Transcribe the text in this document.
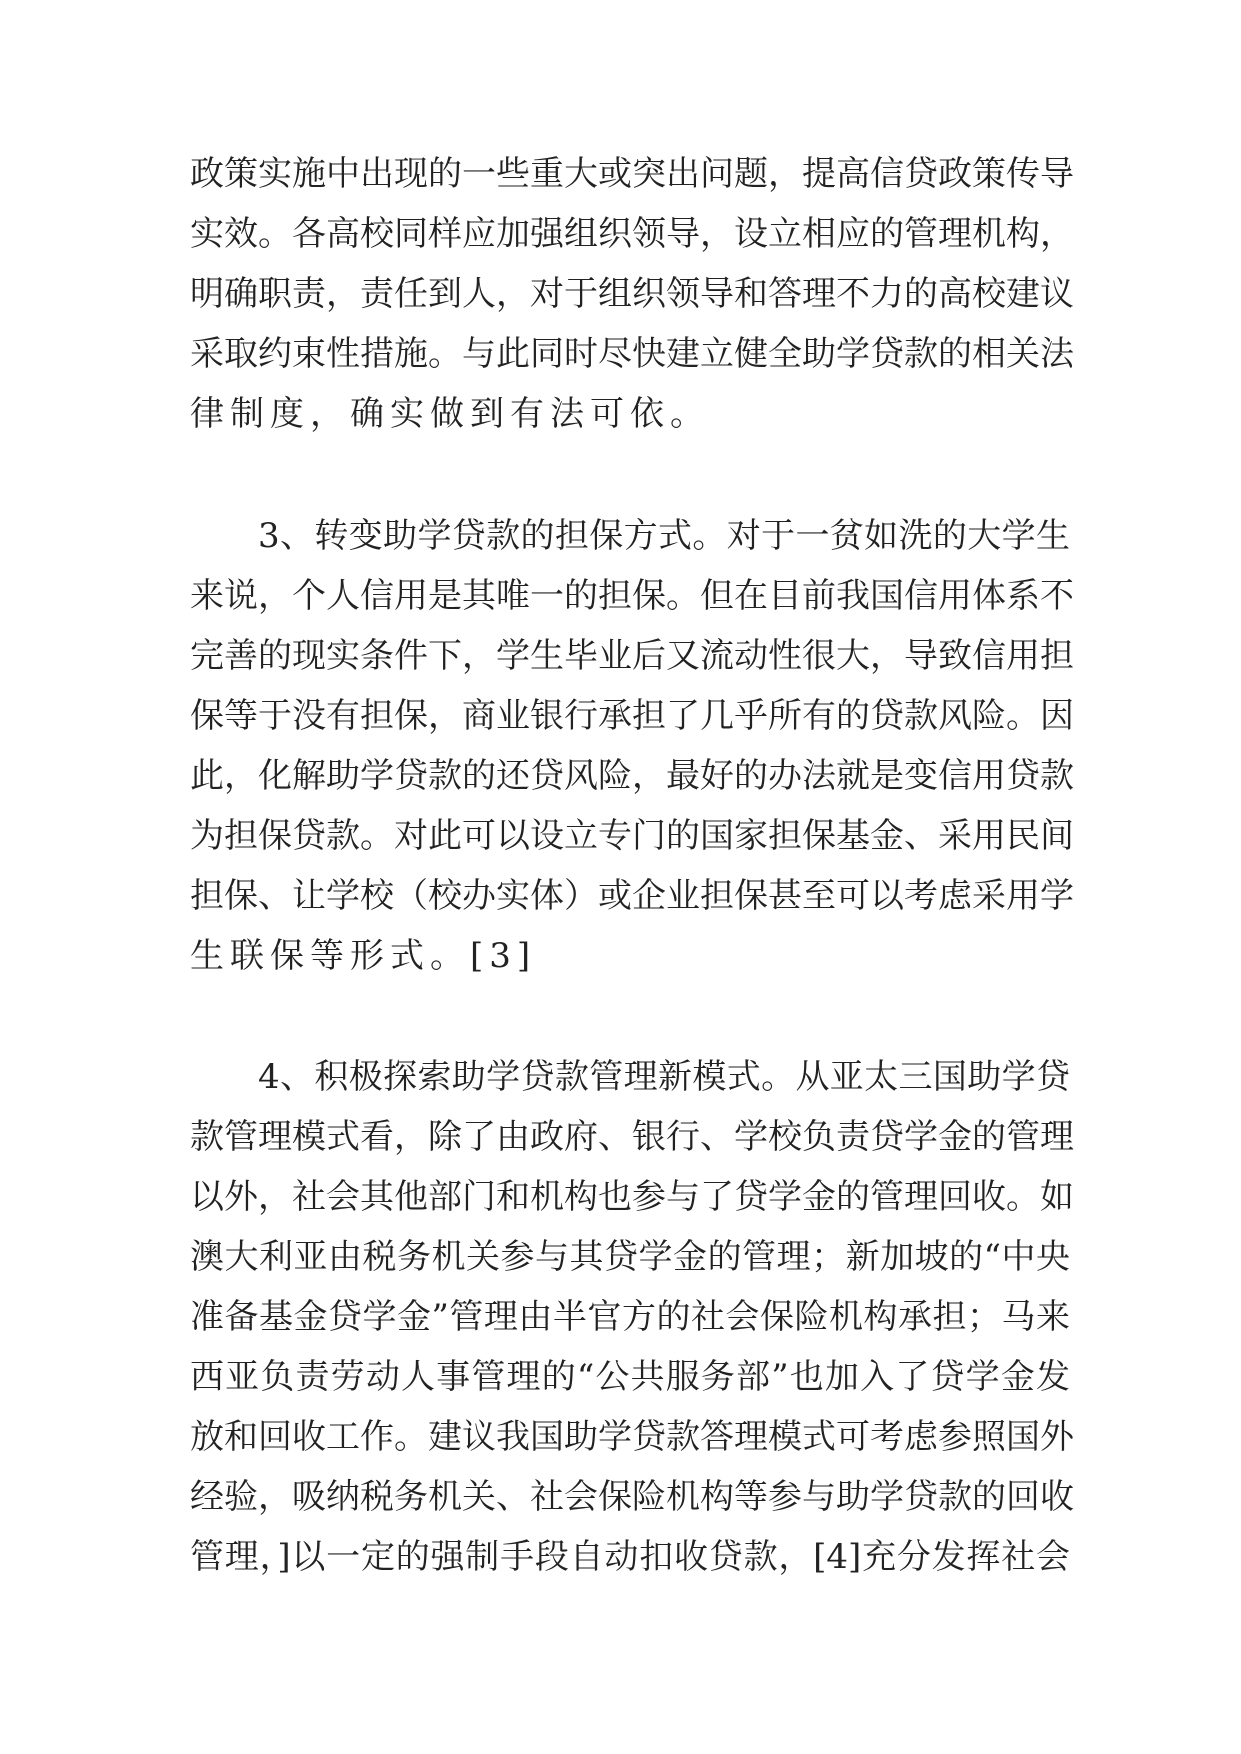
政策实施中出现的一些重大或突出问题，提高信贷政策传导
实效。各高校同样应加强组织领导，设立相应的管理机构，
明确职责，责任到人，对于组织领导和答理不力的高校建议
采取约束性措施。与此同时尽快建立健全助学贷款的相关法
律制度，确实做到有法可依。
3、转变助学贷款的担保方式。对于一贫如洗的大学生
来说，个人信用是其唯一的担保。但在目前我国信用体系不
完善的现实条件下，学生毕业后又流动性很大，导致信用担
保等于没有担保，商业银行承担了几乎所有的贷款风险。因
此，化解助学贷款的还贷风险，最好的办法就是变信用贷款
为担保贷款。对此可以设立专门的国家担保基金、采用民间
担保、让学校（校办实体）或企业担保甚至可以考虑采用学
生联保等形式。[3]
4、积极探索助学贷款管理新模式。从亚太三国助学贷
款管理模式看，除了由政府、银行、学校负责贷学金的管理
以外，社会其他部门和机构也参与了贷学金的管理回收。如
澳大利亚由税务机关参与其贷学金的管理；新加坡的“中央
准备基金贷学金”管理由半官方的社会保险机构承担；马来
西亚负责劳动人事管理的“公共服务部”也加入了贷学金发
放和回收工作。建议我国助学贷款答理模式可考虑参照国外
经验，吸纳税务机关、社会保险机构等参与助学贷款的回收
管理，]以一定的强制手段自动扣收贷款，[4]充分发挥社会
